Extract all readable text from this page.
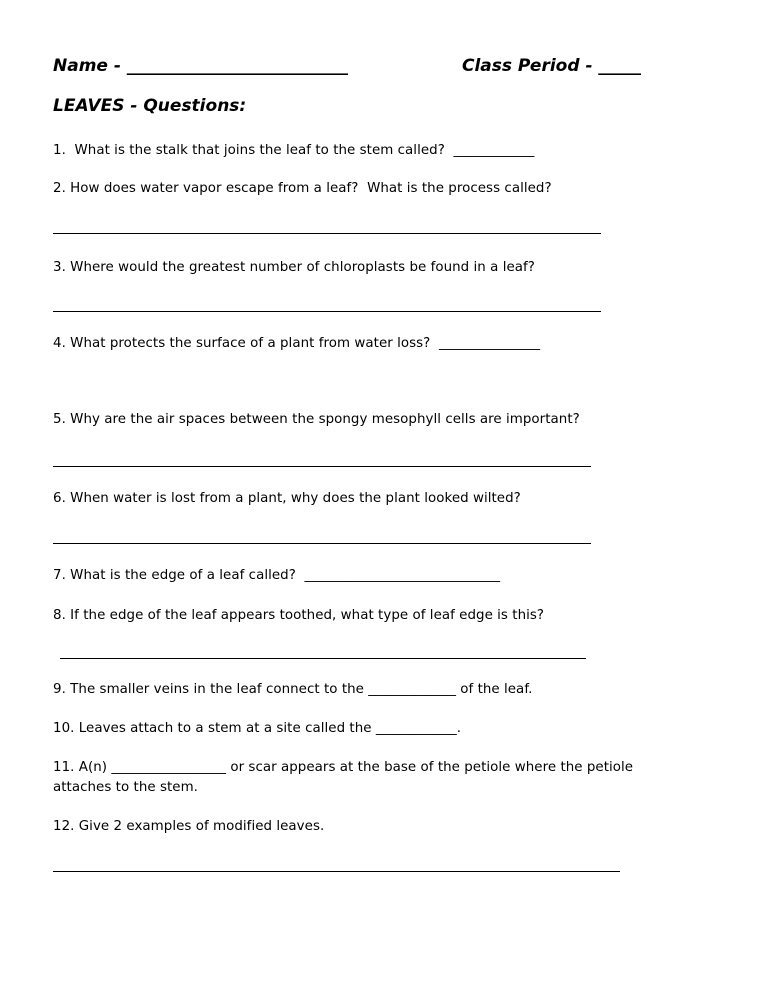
Name - __________________________	Class Period - _____
LEAVES - Questions:
1.  What is the stalk that joins the leaf to the stem called?  ____________
2. How does water vapor escape from a leaf?  What is the process called?
3. Where would the greatest number of chloroplasts be found in a leaf?
4. What protects the surface of a plant from water loss?  _______________
5. Why are the air spaces between the spongy mesophyll cells are important?
6. When water is lost from a plant, why does the plant looked wilted?
7. What is the edge of a leaf called?  _____________________________
8. If the edge of the leaf appears toothed, what type of leaf edge is this?
9. The smaller veins in the leaf connect to the _____________ of the leaf.
10. Leaves attach to a stem at a site called the ____________.
11. A(n) _________________ or scar appears at the base of the petiole where the petiole
attaches to the stem.
12. Give 2 examples of modified leaves.
